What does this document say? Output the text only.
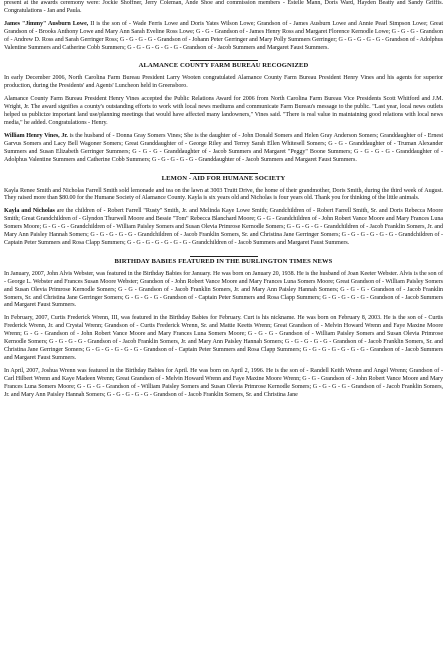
present at the awards ceremony were: Jockie Shoffner, Jerry Coleman, Ande Shoe and commission members - Estelle Mann, Doris Ward, Hayden Beatty and Sandy Griffis. Congratulations - Jan and Paula.

James "Jimmy" Ausburn Lowe, II is the son of - Wade Ferris Lowe and Doris Yates Wilson Lowe; Grandson of - James Ausburn Lowe and Annie Pearl Simpson Lowe; Great Grandson of - Brooks Anthony Lowe and Mary Ann Sarah Eveline Ross Lowe; G - G - Grandson of - James Henry Ross and Margaret Florence Kernodle Lowe; G - G - G - Grandson of - Andrew D. Ross and Sarah Gerringer Ross; G - G - G - G - Grandson of - Johann Peter Gerringer and Mary Polly Summers Gerringer; G - G - G - G - G - Grandson of - Adolphus Valentine Summers and Catherine Cobb Summers; G - G - G - G - G - G - Grandson of - Jacob Summers and Margaret Faust Summers.

ALAMANCE COUNTY FARM BUREAU RECOGNIZED

In early December 2006, North Carolina Farm Bureau President Larry Wooten congratulated Alamance County Farm Bureau President Henry Vines and his agents for superior production, during the Presidents' and Agents' Luncheon held in Greensboro.

Alamance County Farm Bureau President Henry Vines accepted the Public Relations Award for 2006 from North Carolina Farm Bureau Vice Presidents Scott Whitford and J.M. Wright, Jr. The award signifies a county's outstanding efforts to work with local news mediums and communicate Farm Bureau's message to the public. "Last year, local news outlets helped us publicize important land use/planning meetings that would have affected many landowners," Vines said. "There is real value in maintaining good relations with local news media," he added. Congratulations - Henry.

William Henry Vines, Jr. is the husband of - Donna Gray Somers Vines; She is the daughter of - John Donald Somers and Helen Gray Anderson Somers; Granddaughter of - Ernest Garvus Somers and Lacy Bell Wagoner Somers; Great Granddaughter of - George Riley and Terrey Sarah Ellen Whitesell Somers; G - G - Granddaughter of - Truman Alexander Summers and Susan Elizabeth Gerringer Summers; G - G - G - Granddaughter of - Jacob Summers and Margaret "Peggy" Boone Summers; G - G - G - G - Granddaughter of - Adolphus Valentine Summers and Catherine Cobb Summers; G - G - G - G - G - Granddaughter of - Jacob Summers and Margaret Faust Summers.

LEMON - AID FOR HUMANE SOCIETY

Kayla Renee Smith and Nicholas Farrell Smith sold lemonade and tea on the lawn at 3003 Truitt Drive, the home of their grandmother, Doris Smith, during the third week of August. They raised more than $80.00 for the Humane Society of Alamance County. Kayla is six years old and Nicholas is four years old. Thank you for thinking of the little animals.

Kayla and Nicholas are the children of - Robert Farrell "Rusty" Smith, Jr. and Melinda Kaye Lowe Smith; Grandchildren of - Robert Farrell Smith, Sr. and Doris Rebecca Moore Smith; Great Grandchildren of - Glyndon Thurwell Moore and Bessie "Tom" Rebecca Blanchard Moore; G - G - Grandchildren of - John Robert Vance Moore and Mary Frances Luna Somers Moore; G - G - G - Grandchildren of - William Paisley Somers and Susan Olevia Primrose Kernodle Somers; G - G - G - G - Grandchildren of - Jacob Franklin Somers, Jr. and Mary Ann Paisley Hannah Somers; G - G - G - G - G - Grandchildren of - Jacob Franklin Somers, Sr. and Christina Jane Gerringer Somers; G - G - G - G - G - G - Grandchildren of - Captain Peter Summers and Rosa Clapp Summers; G - G - G - G - G - G - G - Grandchildren of - Jacob Summers and Margaret Faust Summers.

BIRTHDAY BABIES FEATURED IN THE BURLINGTON TIMES NEWS

In January, 2007, John Alvis Webster, was featured in the Birthday Babies for January. He was born on January 20, 1938. He is the husband of Joan Keeter Webster. Alvis is the son of - George L. Webster and Frances Susan Moore Webster; Grandson of - John Robert Vance Moore and Mary Frances Luna Somers Moore; Great Grandson of - William Paisley Somers and Susan Olevia Primrose Kernodle Somers; G - G - Grandson of - Jacob Franklin Somers, Jr. and Mary Ann Paisley Hannah Somers; G - G - G - Grandson of - Jacob Franklin Somers, Sr. and Christina Jane Gerringer Somers; G - G - G - G - Grandson of - Captain Peter Summers and Rosa Clapp Summers; G - G - G - G - G - Grandson of - Jacob Summers and Margaret Faust Summers.

In February, 2007, Curtis Frederick Wrenn, III, was featured in the Birthday Babies for February. Curt is his nickname. He was born on February 8, 2003. He is the son of - Curtis Frederick Wrenn, Jr. and Crystal Wrenn; Grandson of - Curtis Frederick Wrenn, Sr. and Mattie Keetts Wrenn; Great Grandson of - Melvin Howard Wrenn and Faye Maxine Moore Wrenn; G - G - Grandson of - John Robert Vance Moore and Mary Frances Luna Somers Moore; G - G - G - Grandson of - William Paisley Somers and Susan Olevia Primrose Kernodle Somers; G - G - G - G - Grandson of - Jacob Franklin Somers, Jr. and Mary Ann Paisley Hannah Somers; G - G - G - G - G - Grandson of - Jacob Franklin Somers, Sr. and Christina Jane Gerringer Somers; G - G - G - G - G - G - Grandson of - Captain Peter Summers and Rosa Clapp Summers; G - G - G - G - G - G - G - Grandson of - Jacob Summers and Margaret Faust Summers.

In April, 2007, Joshua Wrenn was featured in the Birthday Babies for April. He was born on April 2, 1996. He is the son of - Randell Keith Wrenn and Angel Wrenn; Grandson of - Carl Hilbert Wrenn and Kaye Madeen Wrenn; Great Grandson of - Melvin Howard Wrenn and Faye Maxine Moore Wrenn; G - G - Grandson of - John Robert Vance Moore and Mary Frances Luna Somers Moore; G - G - G - Grandson of - William Paisley Somers and Susan Olevia Primrose Kernodle Somers; G - G - G - G - Grandson of - Jacob Franklin Somers, Jr. and Mary Ann Paisley Hannah Somers; G - G - G - G - G - Grandson of - Jacob Franklin Somers, Sr. and Christina Jane
